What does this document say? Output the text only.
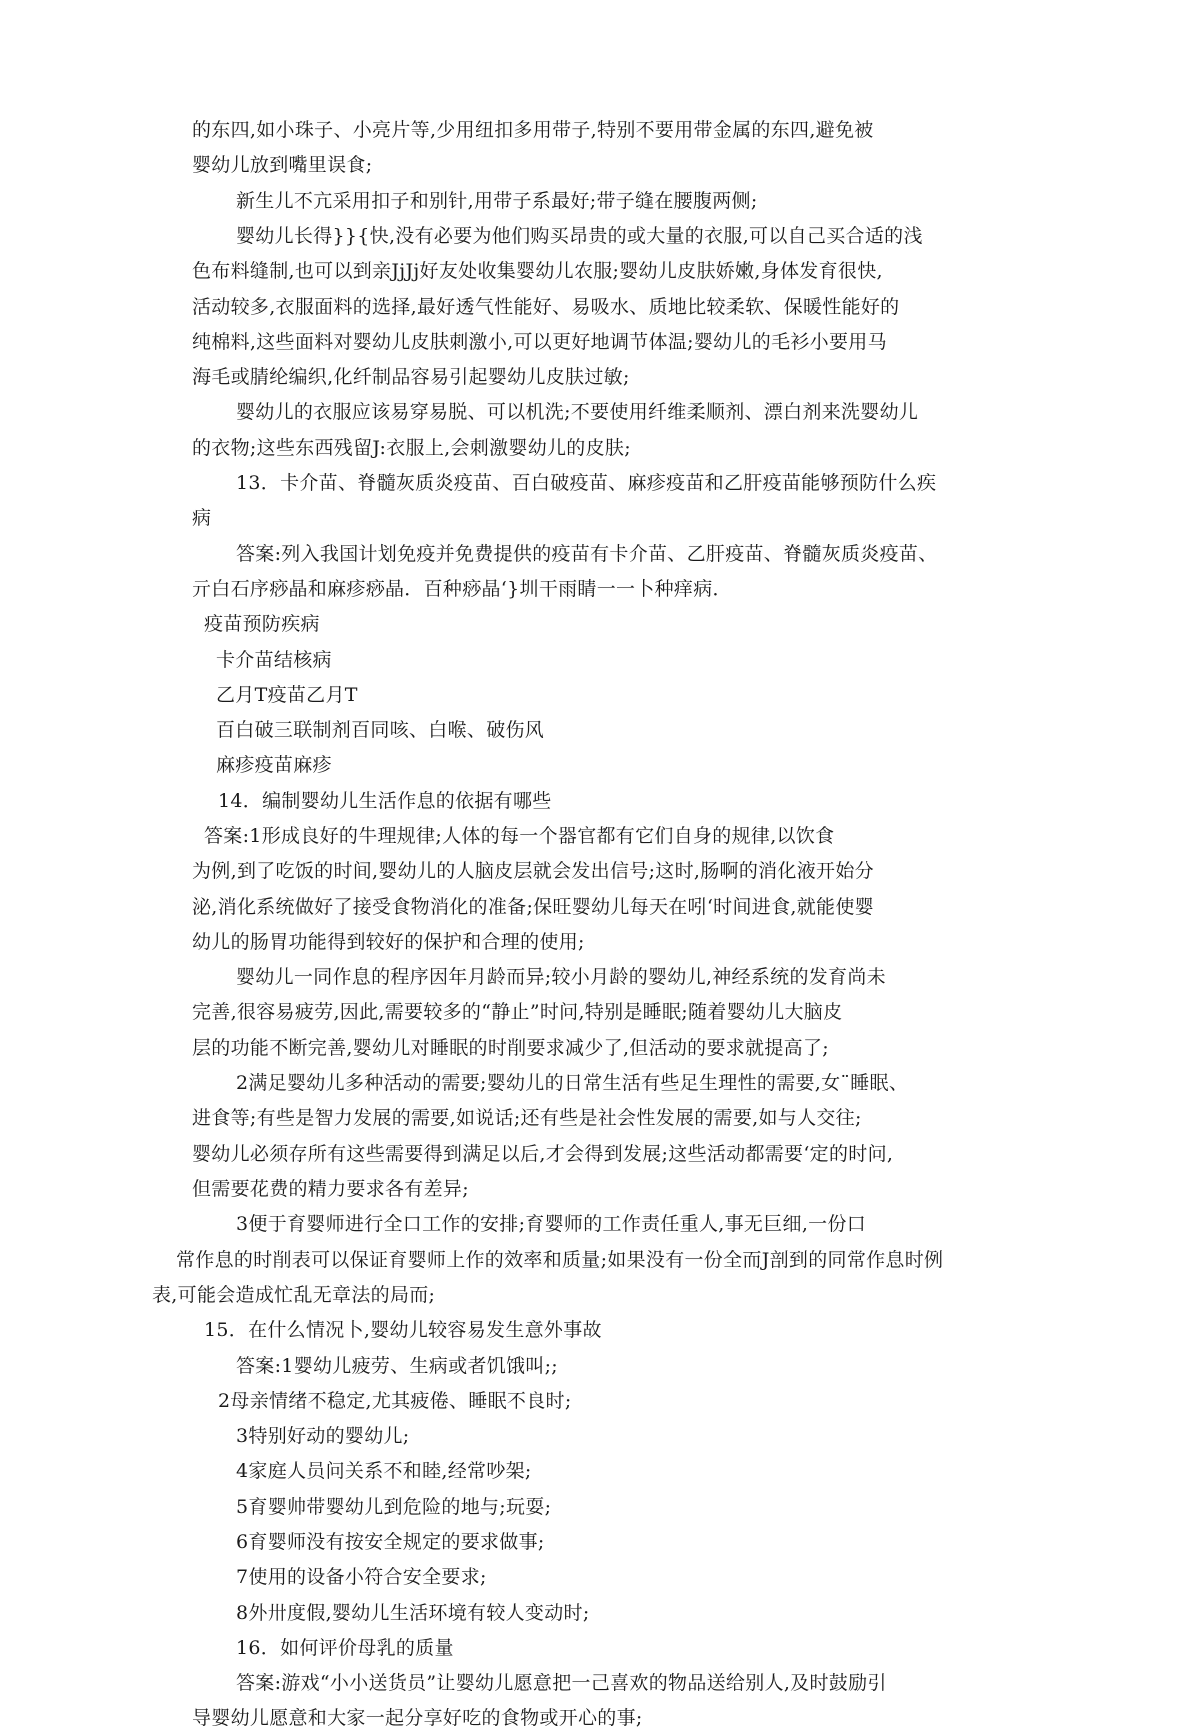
的东四,如小珠子、小亮片等,少用纽扣多用带子,特别不要用带金属的东四,避免被
婴幼儿放到嘴里误食;
新生儿不亢采用扣子和别针,用带子系最好;带子缝在腰腹两侧;
婴幼儿长得}}{快,没有必要为他们购买昂贵的或大量的衣服,可以自己买合适的浅
色布料缝制,也可以到亲JjJj好友处收集婴幼儿农服;婴幼儿皮肤娇嫩,身体发育很快,
活动较多,衣服面料的选择,最好透气性能好、易吸水、质地比较柔软、保暖性能好的
纯棉料,这些面料对婴幼儿皮肤刺激小,可以更好地调节体温;婴幼儿的毛衫小要用马
海毛或腈纶编织,化纤制品容易引起婴幼儿皮肤过敏;
婴幼儿的衣服应该易穿易脱、可以机洗;不要使用纤维柔顺剂、漂白剂来洗婴幼儿
的衣物;这些东西残留J:衣服上,会刺激婴幼儿的皮肤;
13．卡介苗、脊髓灰质炎疫苗、百白破疫苗、麻疹疫苗和乙肝疫苗能够预防什么疾
病
答案:列入我国计划免疫并免费提供的疫苗有卡介苗、乙肝疫苗、脊髓灰质炎疫苗、
亓白石序痧晶和麻疹痧晶．百种痧晶‘}圳干雨睛一一卜种痒病．
疫苗预防疾病
卡介苗结核病
乙月T疫苗乙月T
百白破三联制剂百同咳、白喉、破伤风
麻疹疫苗麻疹
14．编制婴幼儿生活作息的依据有哪些
答案:1形成良好的牛理规律;人体的每一个器官都有它们自身的规律,以饮食
为例,到了吃饭的时间,婴幼儿的人脑皮层就会发出信号;这时,肠啊的消化液开始分
泌,消化系统做好了接受食物消化的准备;保旺婴幼儿每天在吲‘时间进食,就能使婴
幼儿的肠胃功能得到较好的保护和合理的使用;
婴幼儿一同作息的程序因年月龄而异;较小月龄的婴幼儿,神经系统的发育尚未
完善,很容易疲劳,因此,需要较多的“静止”时问,特别是睡眠;随着婴幼儿大脑皮
层的功能不断完善,婴幼儿对睡眠的时削要求减少了,但活动的要求就提高了;
2满足婴幼儿多种活动的需要;婴幼儿的日常生活有些足生理性的需要,女¨睡眠、
进食等;有些是智力发展的需要,如说话;还有些是社会性发展的需要,如与人交往;
婴幼儿必须存所有这些需要得到满足以后,才会得到发展;这些活动都需要‘定的时问,
但需要花费的精力要求各有差异;
3便于育婴师进行全口工作的安排;育婴师的工作责任重人,事无巨细,一份口
常作息的时削表可以保证育婴师上作的效率和质量;如果没有一份全而J剖到的同常作息时例
表,可能会造成忙乱无章法的局而;
15．在什么情况卜,婴幼儿较容易发生意外事故
答案:1婴幼儿疲劳、生病或者饥饿叫;;
2母亲情绪不稳定,尤其疲倦、睡眠不良时;
3特别好动的婴幼儿;
4家庭人员问关系不和睦,经常吵架;
5育婴帅带婴幼儿到危险的地与;玩耍;
6育婴师没有按安全规定的要求做事;
7使用的设备小符合安全要求;
8外卅度假,婴幼儿生活环境有较人变动时;
16．如何评价母乳的质量
答案:游戏“小小送货员”让婴幼儿愿意把一己喜欢的物品送给别人,及时鼓励引
导婴幼儿愿意和大家一起分享好吃的食物或开心的事;
